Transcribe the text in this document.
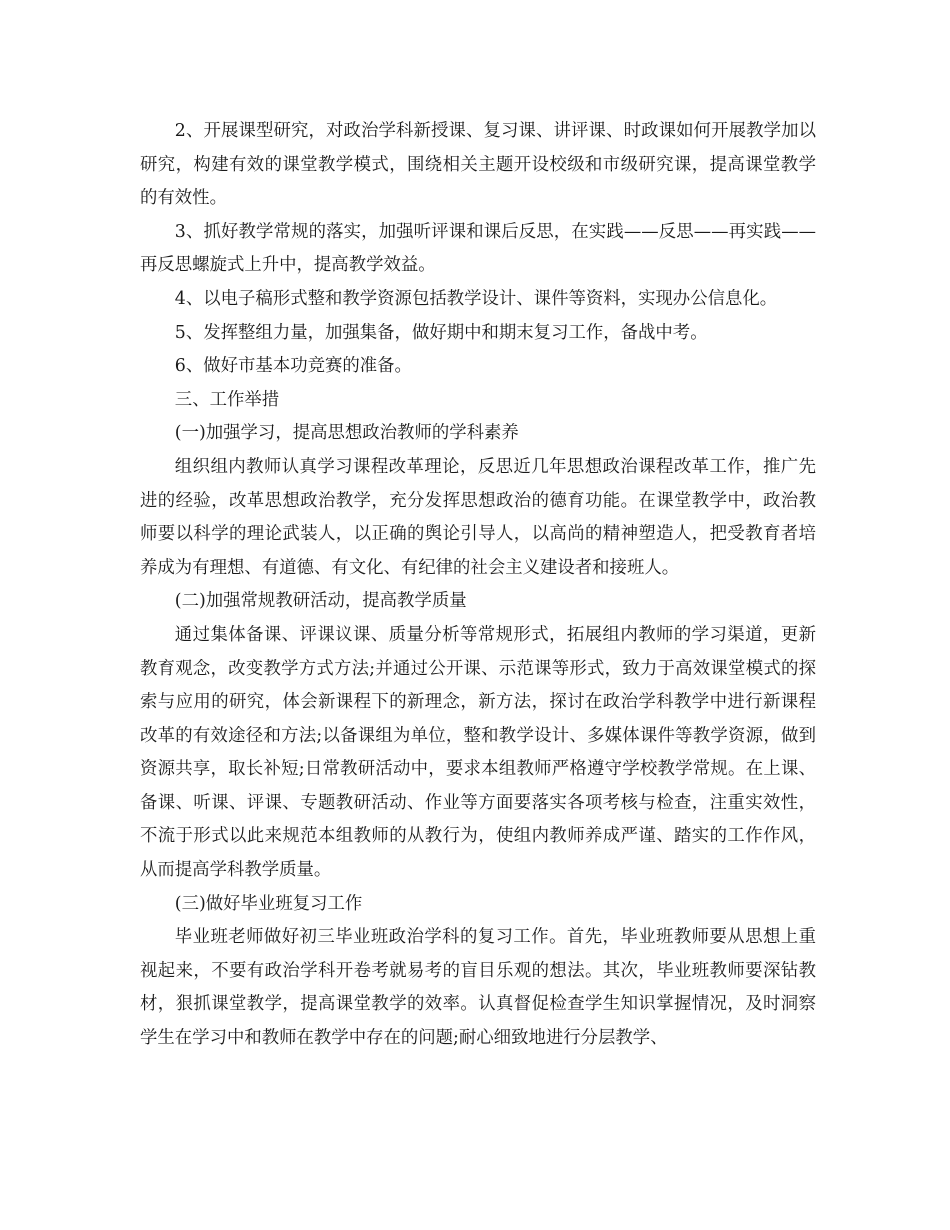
2、开展课型研究，对政治学科新授课、复习课、讲评课、时政课如何开展教学加以研究，构建有效的课堂教学模式，围绕相关主题开设校级和市级研究课，提高课堂教学的有效性。

3、抓好教学常规的落实，加强听评课和课后反思，在实践——反思——再实践——再反思螺旋式上升中，提高教学效益。

4、以电子稿形式整和教学资源包括教学设计、课件等资料，实现办公信息化。

5、发挥整组力量，加强集备，做好期中和期末复习工作，备战中考。

6、做好市基本功竞赛的准备。

三、工作举措

(一)加强学习，提高思想政治教师的学科素养

组织组内教师认真学习课程改革理论，反思近几年思想政治课程改革工作，推广先进的经验，改革思想政治教学，充分发挥思想政治的德育功能。在课堂教学中，政治教师要以科学的理论武装人，以正确的舆论引导人，以高尚的精神塑造人，把受教育者培养成为有理想、有道德、有文化、有纪律的社会主义建设者和接班人。

(二)加强常规教研活动，提高教学质量

通过集体备课、评课议课、质量分析等常规形式，拓展组内教师的学习渠道，更新教育观念，改变教学方式方法;并通过公开课、示范课等形式，致力于高效课堂模式的探索与应用的研究，体会新课程下的新理念，新方法，探讨在政治学科教学中进行新课程改革的有效途径和方法;以备课组为单位，整和教学设计、多媒体课件等教学资源，做到资源共享，取长补短;日常教研活动中，要求本组教师严格遵守学校教学常规。在上课、备课、听课、评课、专题教研活动、作业等方面要落实各项考核与检查，注重实效性，不流于形式以此来规范本组教师的从教行为，使组内教师养成严谨、踏实的工作作风，从而提高学科教学质量。

(三)做好毕业班复习工作

毕业班老师做好初三毕业班政治学科的复习工作。首先，毕业班教师要从思想上重视起来，不要有政治学科开卷考就易考的盲目乐观的想法。其次，毕业班教师要深钻教材，狠抓课堂教学，提高课堂教学的效率。认真督促检查学生知识掌握情况，及时洞察学生在学习中和教师在教学中存在的问题;耐心细致地进行分层教学、
